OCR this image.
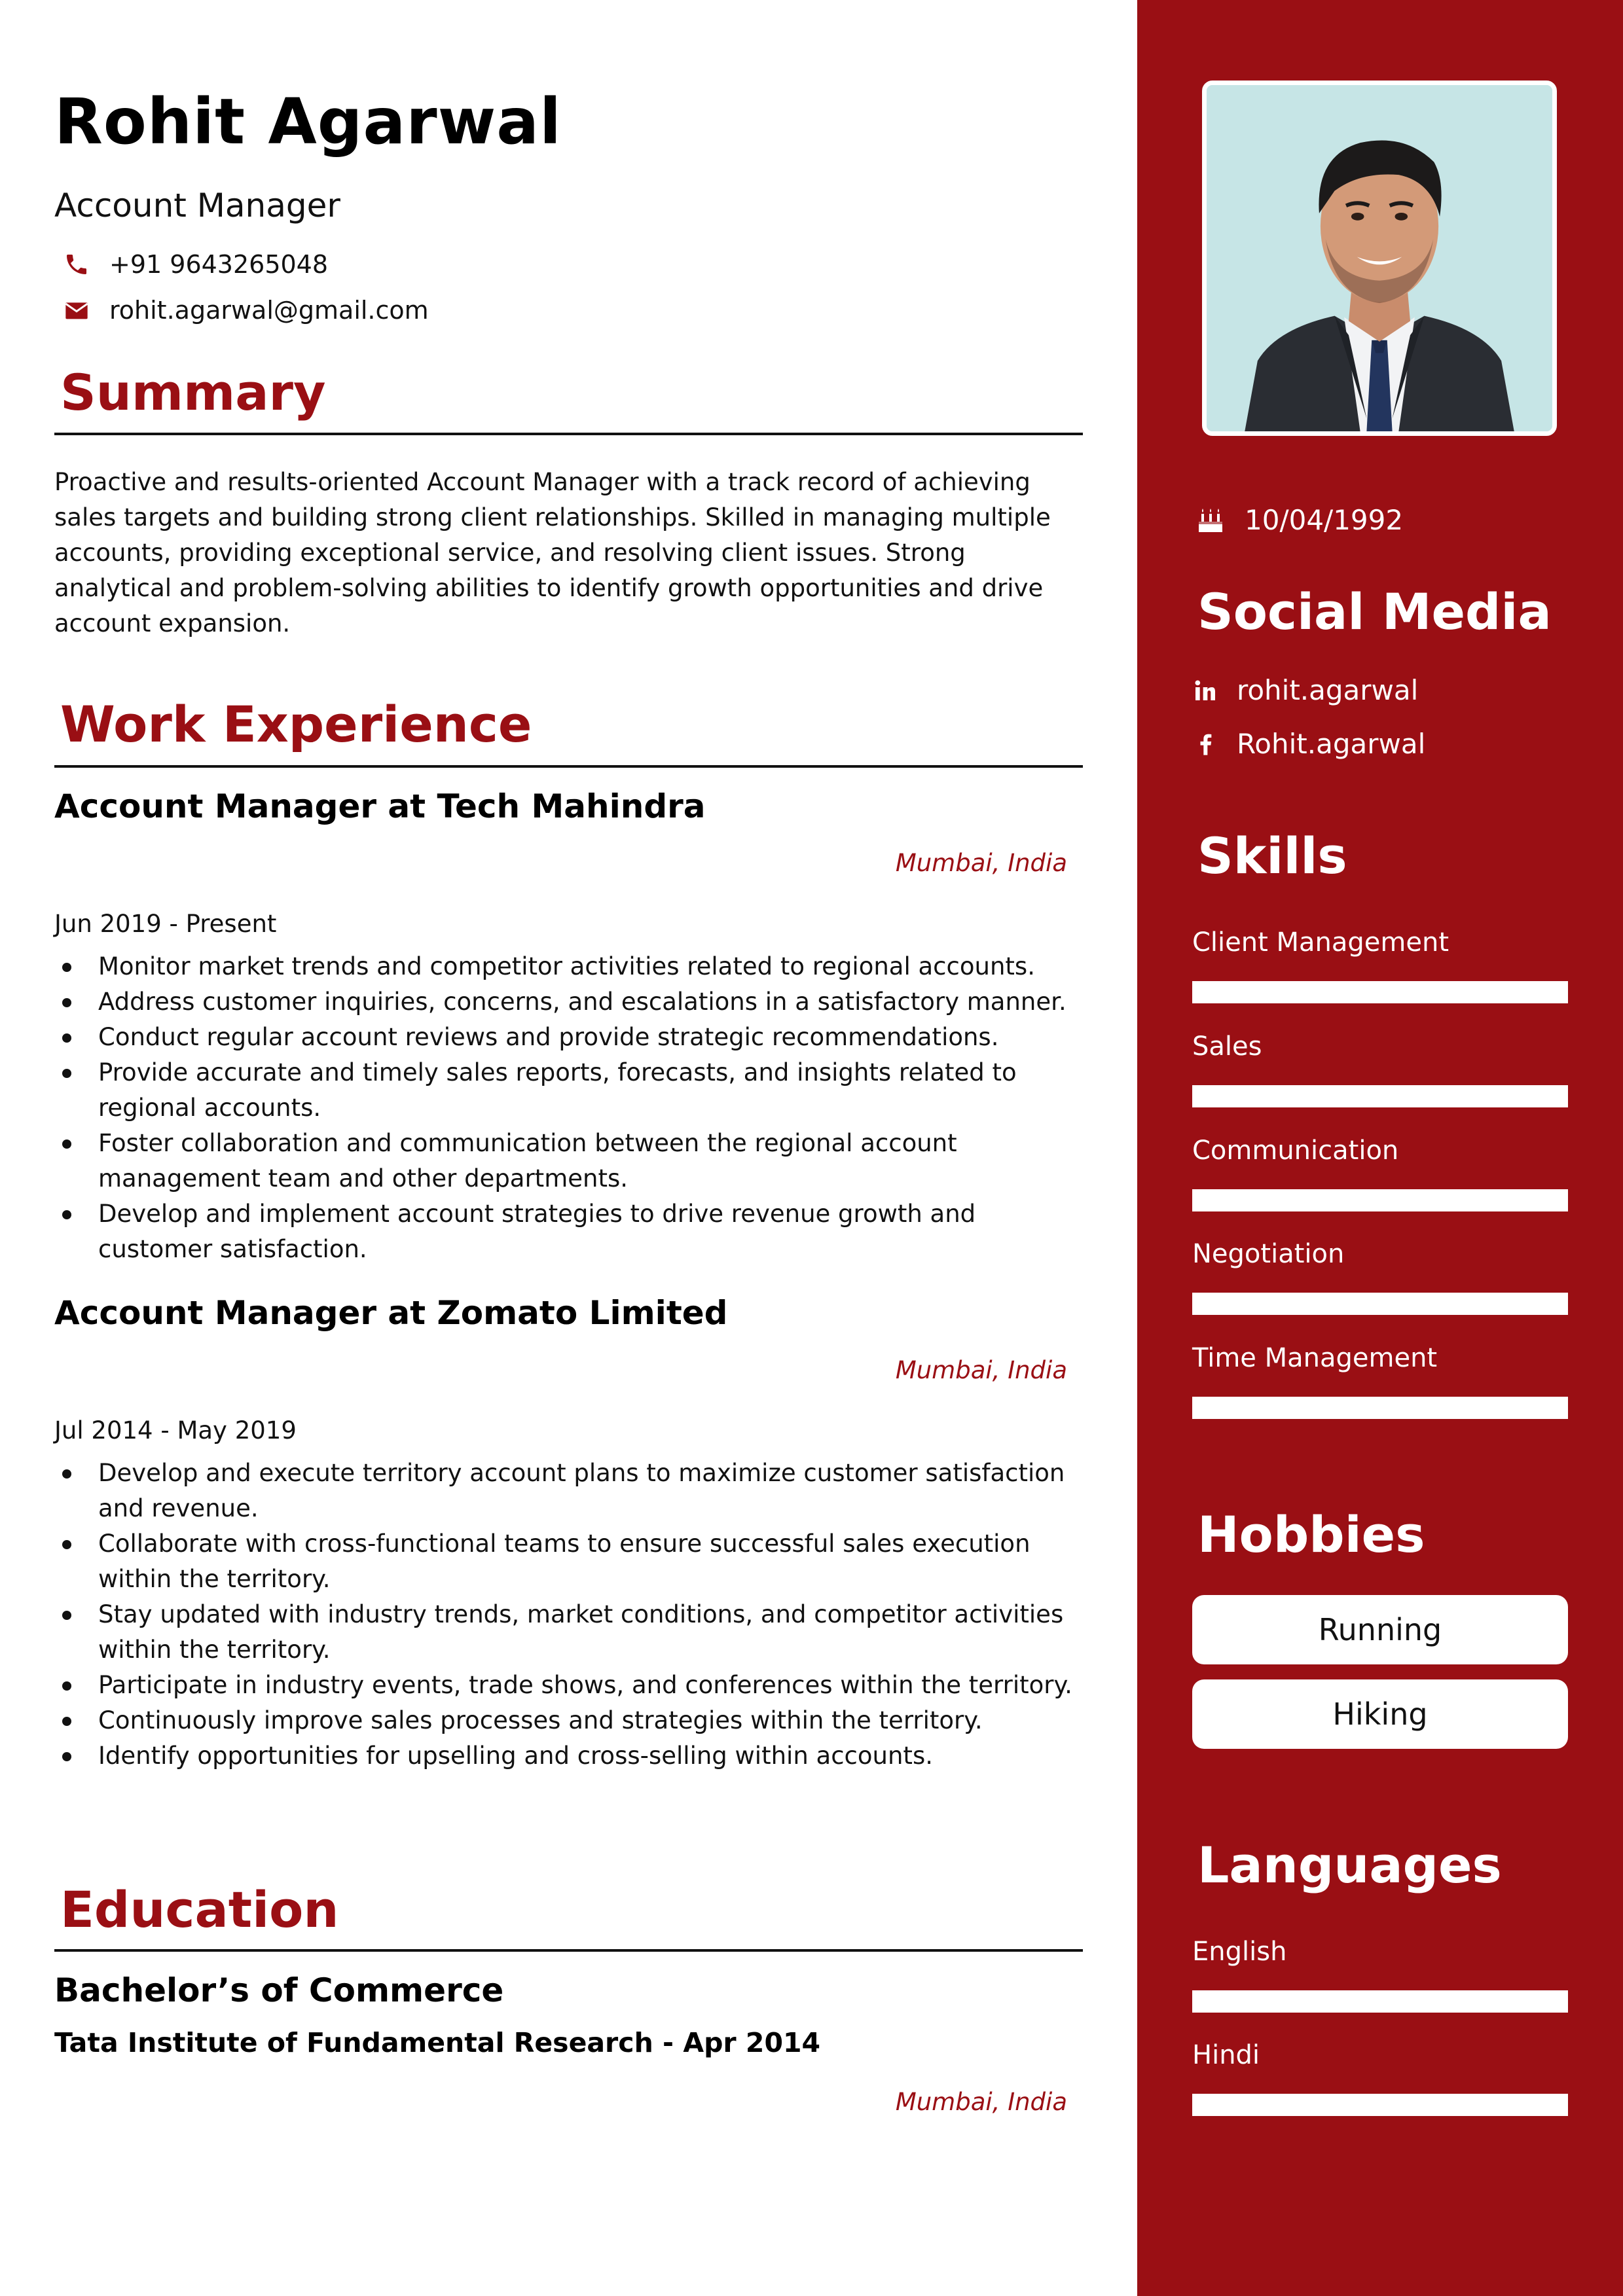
Rohit Agarwal
Account Manager
+91 9643265048
rohit.agarwal@gmail.com
Summary
Proactive and results-oriented Account Manager with a track record of achieving sales targets and building strong client relationships. Skilled in managing multiple accounts, providing exceptional service, and resolving client issues. Strong analytical and problem-solving abilities to identify growth opportunities and drive account expansion.
Work Experience
Account Manager at Tech Mahindra
Mumbai, India
Jun 2019 - Present
Monitor market trends and competitor activities related to regional accounts.
Address customer inquiries, concerns, and escalations in a satisfactory manner.
Conduct regular account reviews and provide strategic recommendations.
Provide accurate and timely sales reports, forecasts, and insights related to regional accounts.
Foster collaboration and communication between the regional account management team and other departments.
Develop and implement account strategies to drive revenue growth and customer satisfaction.
Account Manager at Zomato Limited
Mumbai, India
Jul 2014 - May 2019
Develop and execute territory account plans to maximize customer satisfaction and revenue.
Collaborate with cross-functional teams to ensure successful sales execution within the territory.
Stay updated with industry trends, market conditions, and competitor activities within the territory.
Participate in industry events, trade shows, and conferences within the territory.
Continuously improve sales processes and strategies within the territory.
Identify opportunities for upselling and cross-selling within accounts.
Education
Bachelor’s of Commerce
Tata Institute of Fundamental Research - Apr 2014
Mumbai, India
10/04/1992
Social Media
rohit.agarwal
Rohit.agarwal
Skills
Client Management
Sales
Communication
Negotiation
Time Management
Hobbies
Running
Hiking
Languages
English
Hindi
